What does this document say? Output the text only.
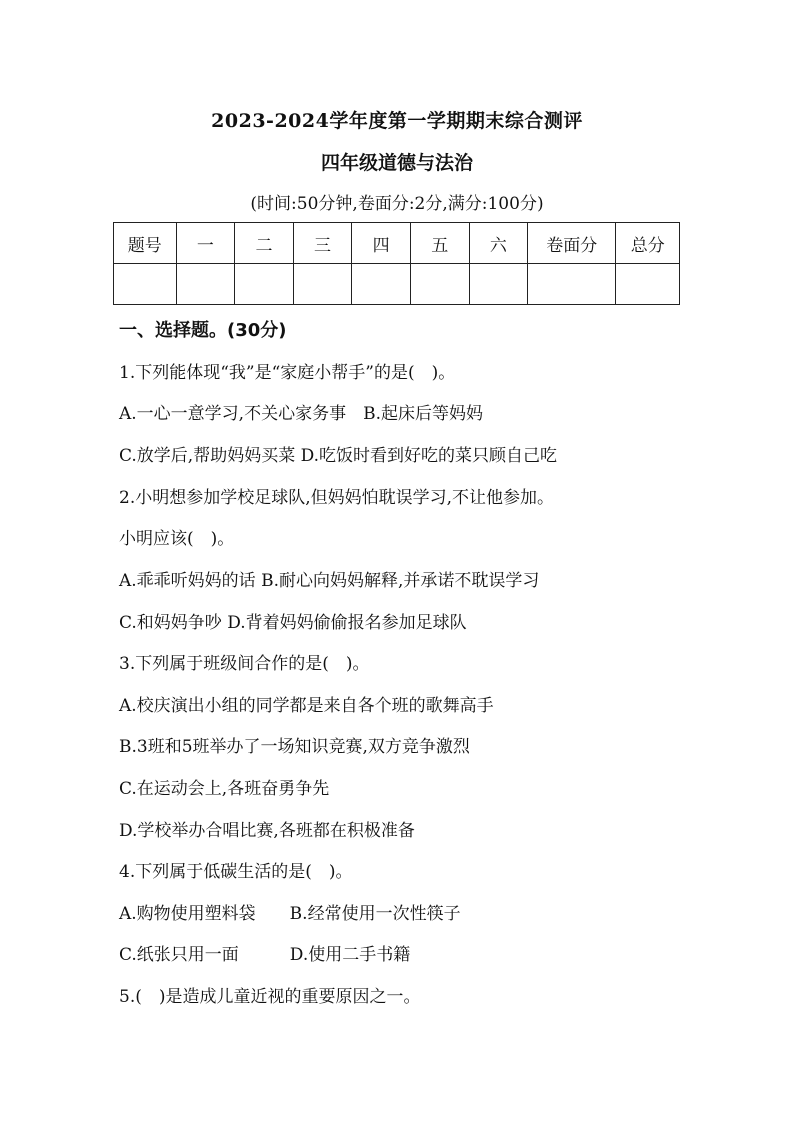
2023-2024学年度第一学期期末综合测评
四年级道德与法治
(时间:50分钟,卷面分:2分,满分:100分)
题号	一	二	三	四	五	六	卷面分	总分

一、选择题。(30分)
1.下列能体现“我”是“家庭小帮手”的是(　)。
A.一心一意学习,不关心家务事　B.起床后等妈妈
C.放学后,帮助妈妈买菜 D.吃饭时看到好吃的菜只顾自己吃
2.小明想参加学校足球队,但妈妈怕耽误学习,不让他参加。
小明应该(　)。
A.乖乖听妈妈的话 B.耐心向妈妈解释,并承诺不耽误学习
C.和妈妈争吵 D.背着妈妈偷偷报名参加足球队
3.下列属于班级间合作的是(　)。
A.校庆演出小组的同学都是来自各个班的歌舞高手
B.3班和5班举办了一场知识竞赛,双方竞争激烈
C.在运动会上,各班奋勇争先
D.学校举办合唱比赛,各班都在积极准备
4.下列属于低碳生活的是(　)。
A.购物使用塑料袋　　B.经常使用一次性筷子
C.纸张只用一面　　　D.使用二手书籍
5.(　)是造成儿童近视的重要原因之一。
